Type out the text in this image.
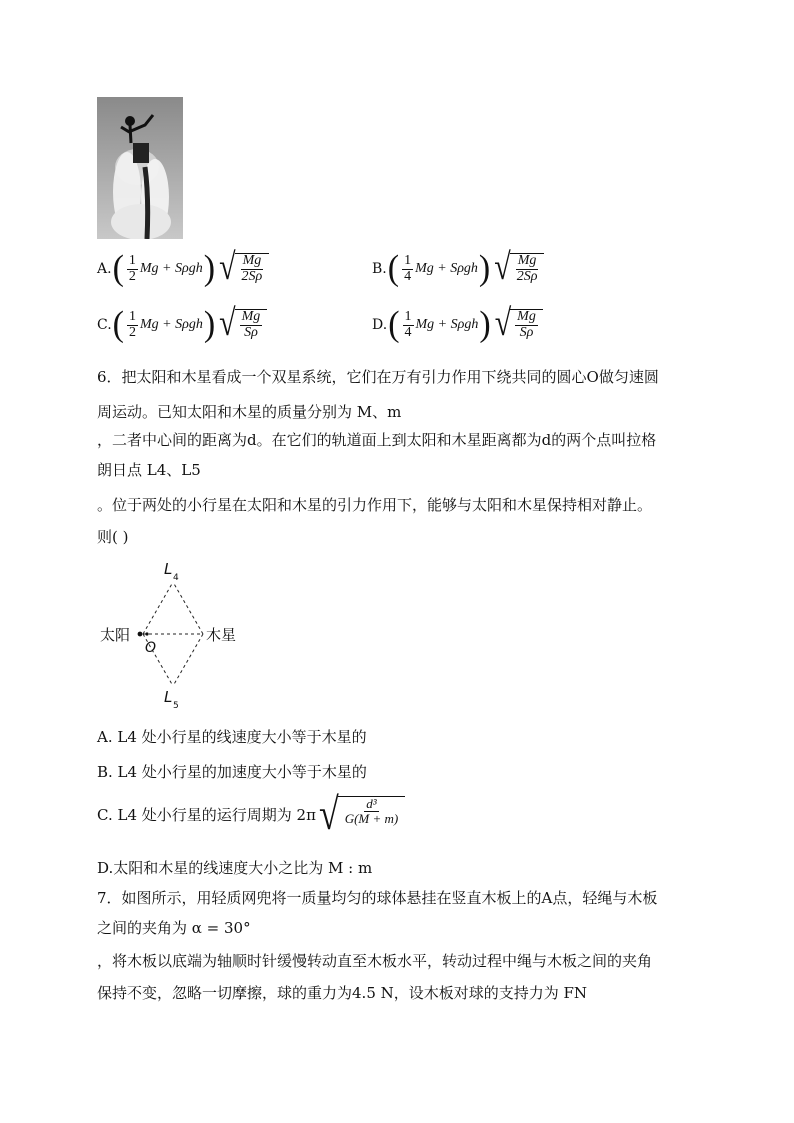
A. ( $\frac{1}{2}$ Mg + Sρgh ) √ $\frac{Mg}{2S\rho}$	B. ( $\frac{1}{4}$ Mg + Sρgh ) √ $\frac{Mg}{2S\rho}$
C. ( $\frac{1}{2}$ Mg + Sρgh ) √ $\frac{Mg}{S\rho}$	D. ( $\frac{1}{4}$ Mg + Sρgh ) √ $\frac{Mg}{S\rho}$
6．把太阳和木星看成一个双星系统，它们在万有引力作用下绕共同的圆心O做匀速圆
周运动。已知太阳和木星的质量分别为 M、m
，二者中心间的距离为d。在它们的轨道面上到太阳和木星距离都为d的两个点叫拉格
朗日点 L4、L5
。位于两处的小行星在太阳和木星的引力作用下，能够与太阳和木星保持相对静止。
则( )
太阳	木星
O
L 4
L 5
A. L4 处小行星的线速度大小等于木星的
B. L4 处小行星的加速度大小等于木星的
C. L4 处小行星的运行周期为 2π √ $\frac{\text{d³}}{G(M + m)}$
D.太阳和木星的线速度大小之比为 M : m
7．如图所示，用轻质网兜将一质量均匀的球体悬挂在竖直木板上的A点，轻绳与木板
之间的夹角为 α = 30°
，将木板以底端为轴顺时针缓慢转动直至木板水平，转动过程中绳与木板之间的夹角
保持不变，忽略一切摩擦，球的重力为4.5 N，设木板对球的支持力为 FN
